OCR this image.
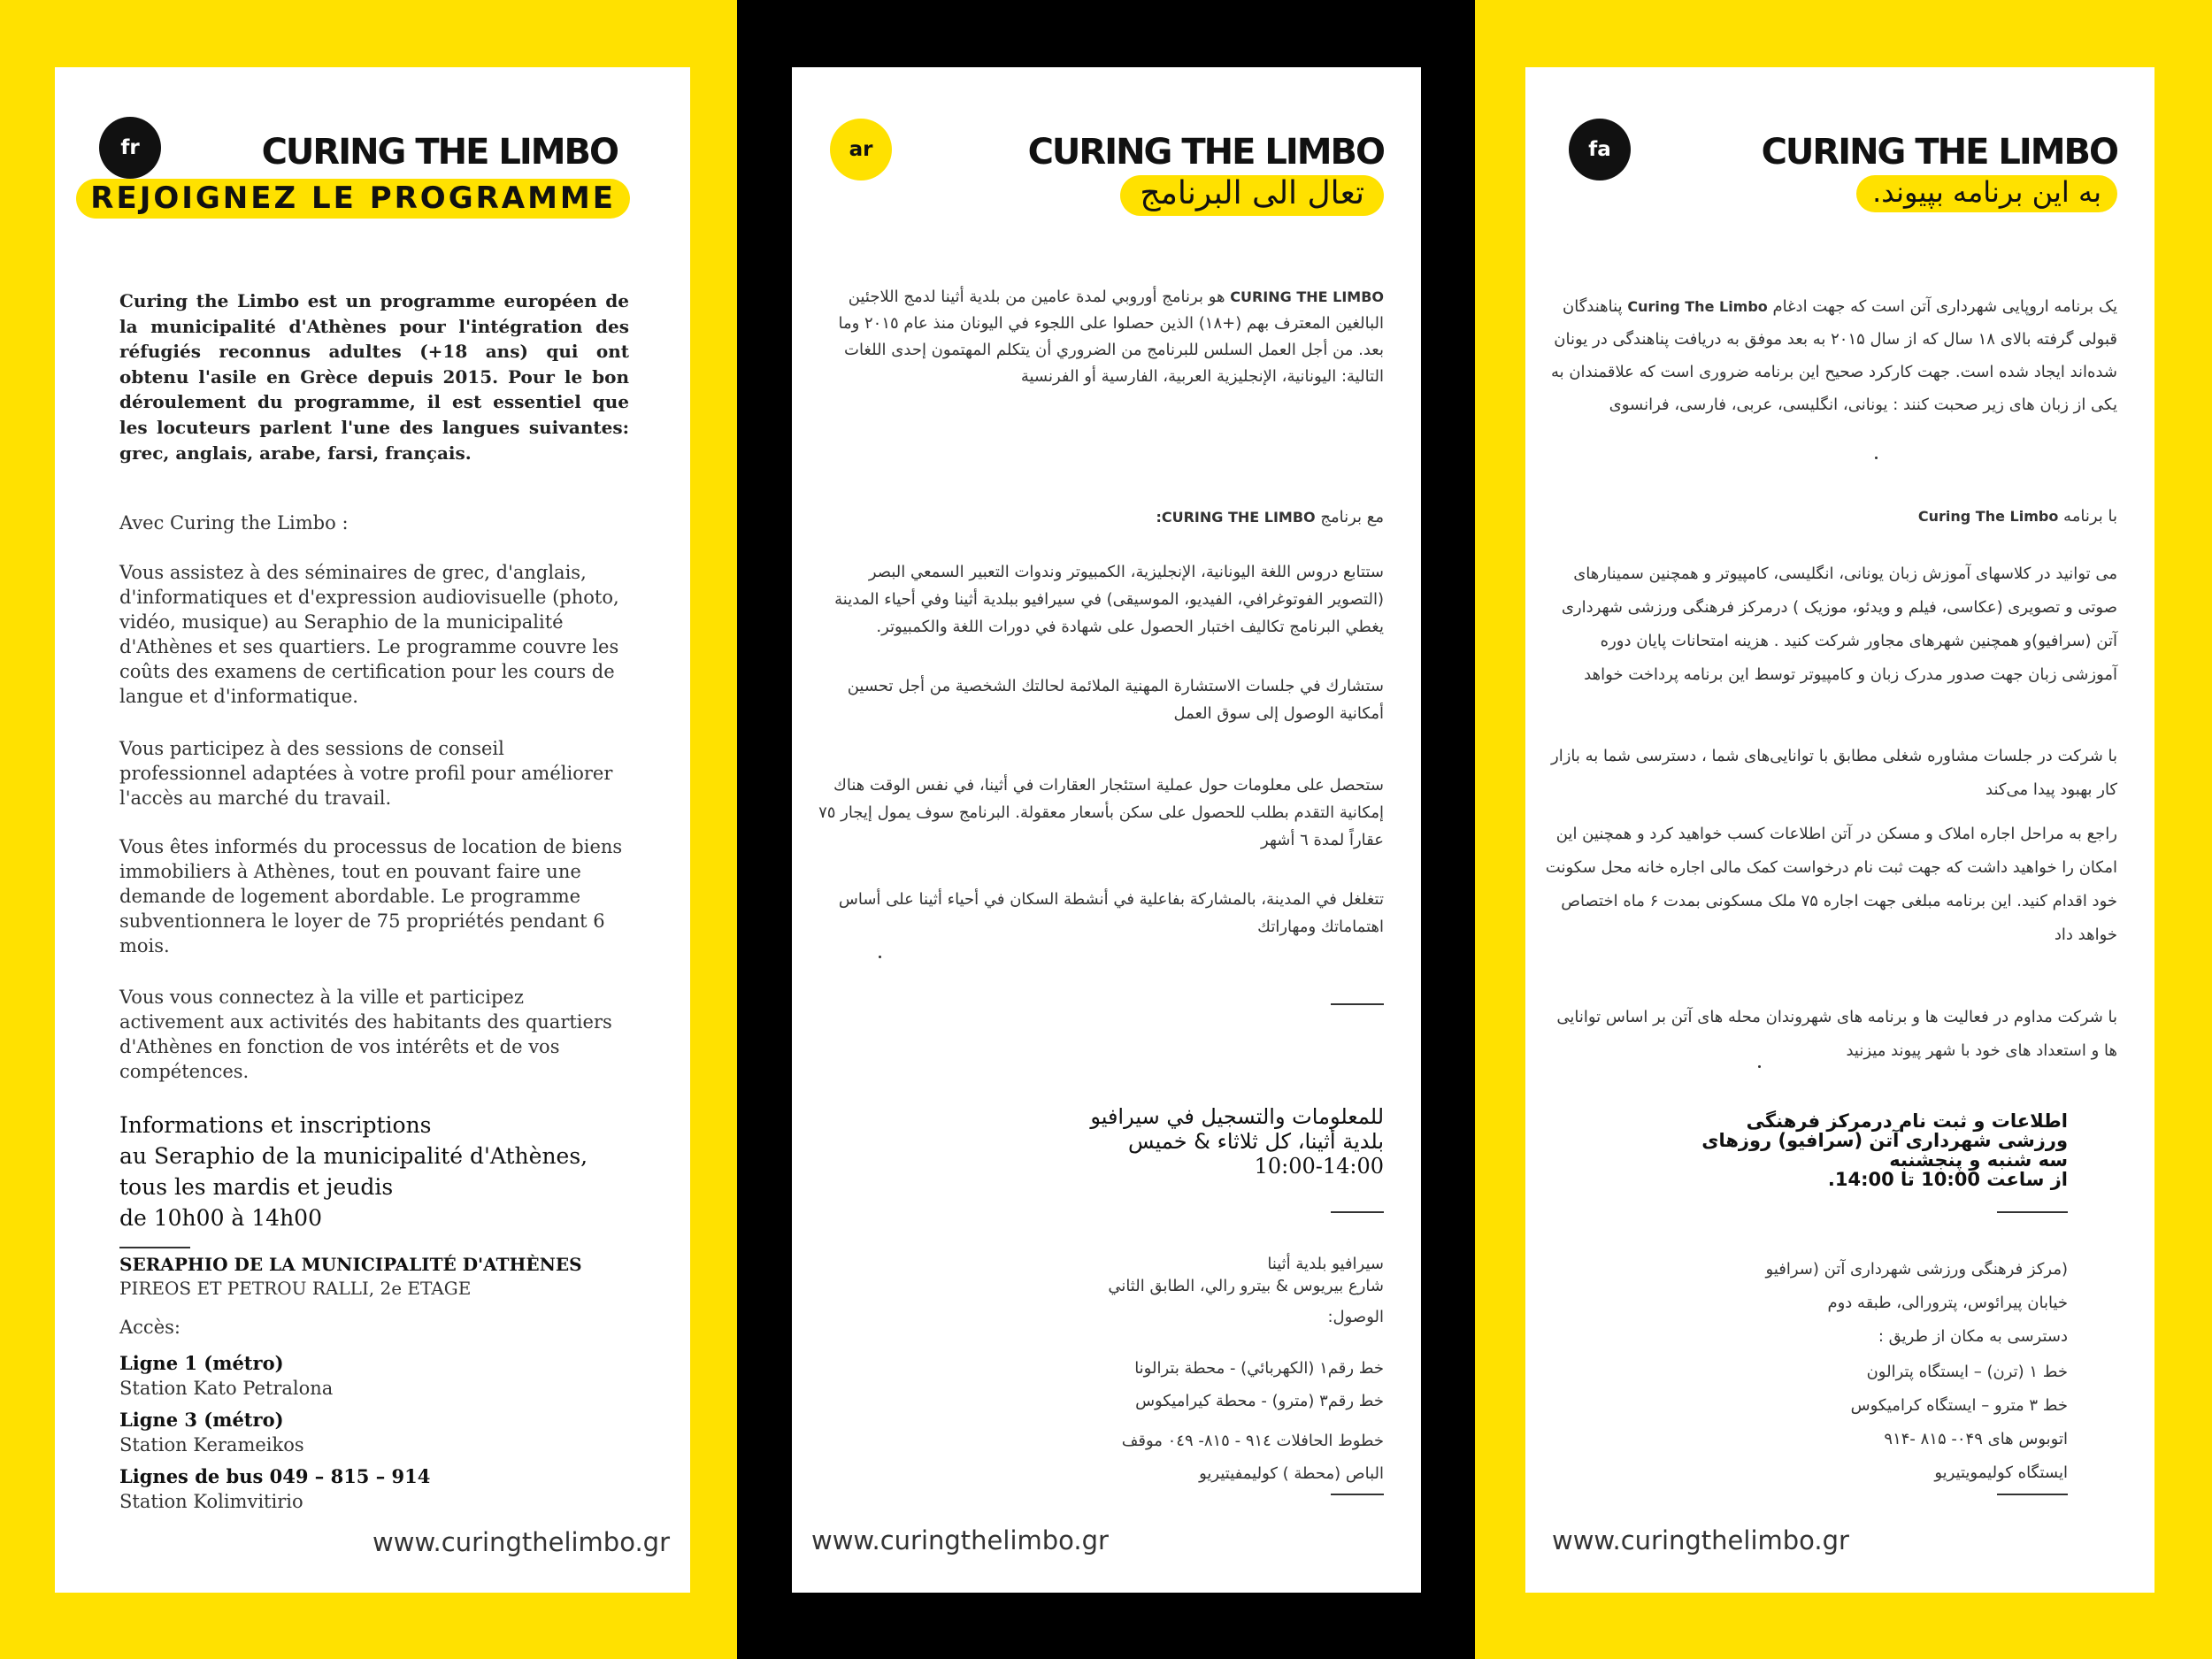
fr	CURING THE LIMBO
REJOIGNEZ LE PROGRAMME

Curing the Limbo est un programme européen de la municipalité d'Athènes pour l'intégration des réfugiés reconnus adultes (+18 ans) qui ont obtenu l'asile en Grèce depuis 2015. Pour le bon déroulement du programme, il est essentiel que les locuteurs parlent l'une des langues suivantes: grec, anglais, arabe, farsi, français.

Avec Curing the Limbo :

Vous assistez à des séminaires de grec, d'anglais, d'informatiques et d'expression audiovisuelle (photo, vidéo, musique) au Seraphio de la municipalité d'Athènes et ses quartiers. Le programme couvre les coûts des examens de certification pour les cours de langue et d'informatique.

Vous participez à des sessions de conseil professionnel adaptées à votre profil pour améliorer l'accès au marché du travail.

Vous êtes informés du processus de location de biens immobiliers à Athènes, tout en pouvant faire une demande de logement abordable. Le programme subventionnera le loyer de 75 propriétés pendant 6 mois.

Vous vous connectez à la ville et participez activement aux activités des habitants des quartiers d'Athènes en fonction de vos intérêts et de vos compétences.

Informations et inscriptions
au Seraphio de la municipalité d'Athènes,
tous les mardis et jeudis
de 10h00 à 14h00
SERAPHIO DE LA MUNICIPALITÉ D'ATHÈNES
PIREOS ET PETROU RALLI, 2e ETAGE
Accès:
Ligne 1 (métro)
Station Kato Petralona
Ligne 3 (métro)
Station Kerameikos
Lignes de bus 049 – 815 – 914
Station Kolimvitirio
www.curingthelimbo.gr
ar	CURING THE LIMBO
تعال الى البرنامج

CURING THE LIMBO هو برنامج أوروبي لمدة عامين من بلدية أثينا لدمج اللاجئين البالغين المعترف بهم (+١٨) الذين حصلوا على اللجوء في اليونان منذ عام ٢٠١٥ وما بعد. من أجل العمل السلس للبرنامج من الضروري أن يتكلم المهتمون إحدى اللغات التالية: اليونانية، الإنجليزية العربية، الفارسية أو الفرنسية

مع برنامج CURING THE LIMBO:

ستتابع دروس اللغة اليونانية، الإنجليزية، الكمبيوتر وندوات التعبير السمعي البصر (التصوير الفوتوغرافي، الفيديو، الموسيقى) في سيرافيو ببلدية أثينا وفي أحياء المدينة يغطي البرنامج تكاليف اختبار الحصول على شهادة في دورات اللغة والكمبيوتر.

ستشارك في جلسات الاستشارة المهنية الملائمة لحالتك الشخصية من أجل تحسين أمكانية الوصول إلى سوق العمل

ستحصل على معلومات حول عملية استئجار العقارات في أثينا، في نفس الوقت هناك إمكانية التقدم بطلب للحصول على سكن بأسعار معقولة. البرنامج سوف يمول إيجار ٧٥ عقاراً لمدة ٦ أشهر

تتغلغل في المدينة، بالمشاركة بفاعلية في أنشطة السكان في أحياء أثينا على أساس اهتماماتك ومهاراتك

للمعلومات والتسجيل في سيرافيو
بلدية أثينا، كل ثلاثاء & خميس
10:00-14:00
سيرافيو بلدية أثينا
شارع بيريوس & بيترو رالي، الطابق الثاني
الوصول:
خط رقم١ (الكهربائي) - محطة بترالونا
خط رقم٣ (مترو) - محطة كيراميكوس
خطوط الحافلات ٩١٤ - ٨١٥- ٠٤٩ موقف
الباص (محطة ) كوليمفيتيريو
www.curingthelimbo.gr
fa	CURING THE LIMBO
.به این برنامه بپیوند

یک برنامه اروپایی شهرداری آتن است که جهت ادغام Curing The Limbo پناهندگان قبولی گرفته بالای ۱۸ سال که از سال ۲۰۱۵ به بعد موفق به دریافت پناهندگی در یونان شده‌اند ایجاد شده است. جهت کارکرد صحیح این برنامه ضروری است که علاقمندان به یکی از زبان های زیر صحبت کنند : یونانی، انگلیسی، عربی، فارسی، فرانسوی

با برنامه Curing The Limbo

می توانید در کلاسهای آموزش زبان یونانی، انگلیسی، کامپیوتر و همچنین سمینارهای صوتی و تصویری (عکاسی، فیلم و ویدئو، موزیک ) درمرکز فرهنگی ورزشی شهرداری آتن (سرافیو)و همچنین شهرهای مجاور شرکت کنید . هزینه امتحانات پایان دوره آموزشی زبان جهت صدور مدرک زبان و کامپیوتر توسط این برنامه پرداخت خواهد

با شرکت در جلسات مشاوره شغلی مطابق با توانایی‌های شما ، دسترسی شما به بازار کار بهبود پیدا می‌کند

راجع به مراحل اجاره املاک و مسکن در آتن اطلاعات کسب خواهید کرد و همچنین این امکان را خواهید داشت که جهت ثبت نام درخواست کمک مالی اجاره خانه محل سکونت خود اقدام کنید. این برنامه مبلغی جهت اجاره ۷۵ ملک مسکونی بمدت ۶ ماه اختصاص خواهد داد

با شرکت مداوم در فعالیت ها و برنامه های شهروندان محله های آتن بر اساس توانایی ها و استعداد های خود با شهر پیوند میزنید

اطلاعات و ثبت نام درمرکز فرهنگی
ورزشی شهرداری آتن (سرافیو) روزهای
سه شنبه و پنجشنبه
از ساعت 10:00 تا 14:00.
(مرکز فرهنگی ورزشی شهرداری آتن (سرافیو
خیابان پیرائوس، پترورالی، طبقه دوم
دسترسی به مکان از طریق :
خط ۱ (ترن) – ایستگاه پترالون
خط ۳ مترو – ایستگاه کرامیکوس
اتوبوس های ۰۴۹- ۸۱۵ -۹۱۴
ایستگاه کولیمویتیریو
www.curingthelimbo.gr
